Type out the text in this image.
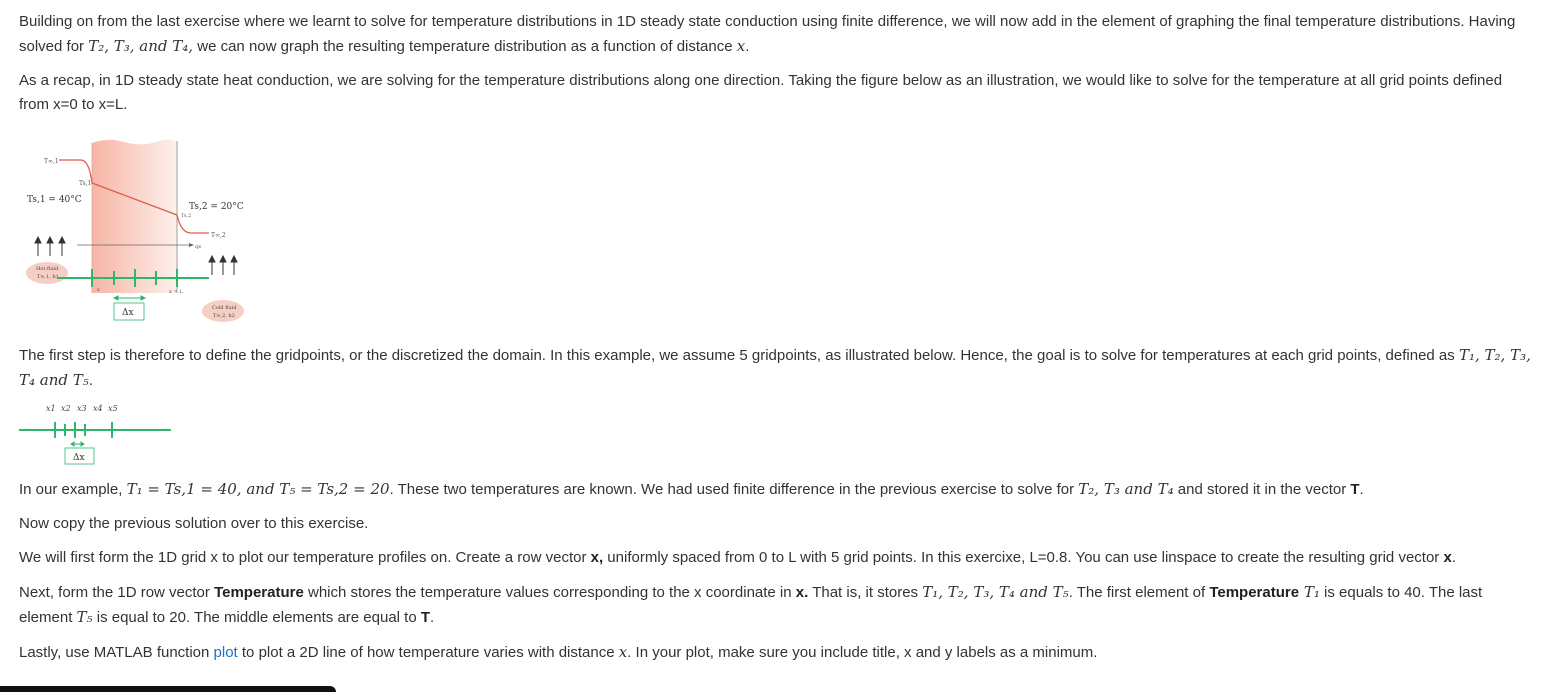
Building on from the last exercise where we learnt to solve for temperature distributions in 1D steady state conduction using finite difference, we will now add in the element of graphing the final temperature distributions. Having solved for T₂, T₃, and T₄, we can now graph the resulting temperature distribution as a function of distance x.

As a recap, in 1D steady state heat conduction, we are solving for the temperature distributions along one direction. Taking the figure below as an illustration, we would like to solve for the temperature at all grid points defined from x=0 to x=L.

T∞,1
Ts,1
Ts,1 = 40°C
Ts,2 = 20°C
Ts,2
T∞,2
qx
Hot fluid
T∞,1, h1
x	x = L
Δx	Cold fluid
T∞,2, h2

The first step is therefore to define the gridpoints, or the discretized the domain. In this example, we assume 5 gridpoints, as illustrated below. Hence, the goal is to solve for temperatures at each grid points, defined as T₁, T₂, T₃, T₄ and T₅.

x1 x2 x3 x4 x5
Δx

In our example, T₁ = Ts,1 = 40, and T₅ = Ts,2 = 20. These two temperatures are known. We had used finite difference in the previous exercise to solve for T₂, T₃ and T₄ and stored it in the vector T.

Now copy the previous solution over to this exercise.

We will first form the 1D grid x to plot our temperature profiles on. Create a row vector x, uniformly spaced from 0 to L with 5 grid points. In this exercixe, L=0.8. You can use linspace to create the resulting grid vector x.

Next, form the 1D row vector Temperature which stores the temperature values corresponding to the x coordinate in x. That is, it stores T₁, T₂, T₃, T₄ and T₅. The first element of Temperature T₁ is equals to 40. The last element T₅ is equal to 20. The middle elements are equal to T.

Lastly, use MATLAB function plot to plot a 2D line of how temperature varies with distance x. In your plot, make sure you include title, x and y labels as a minimum.
